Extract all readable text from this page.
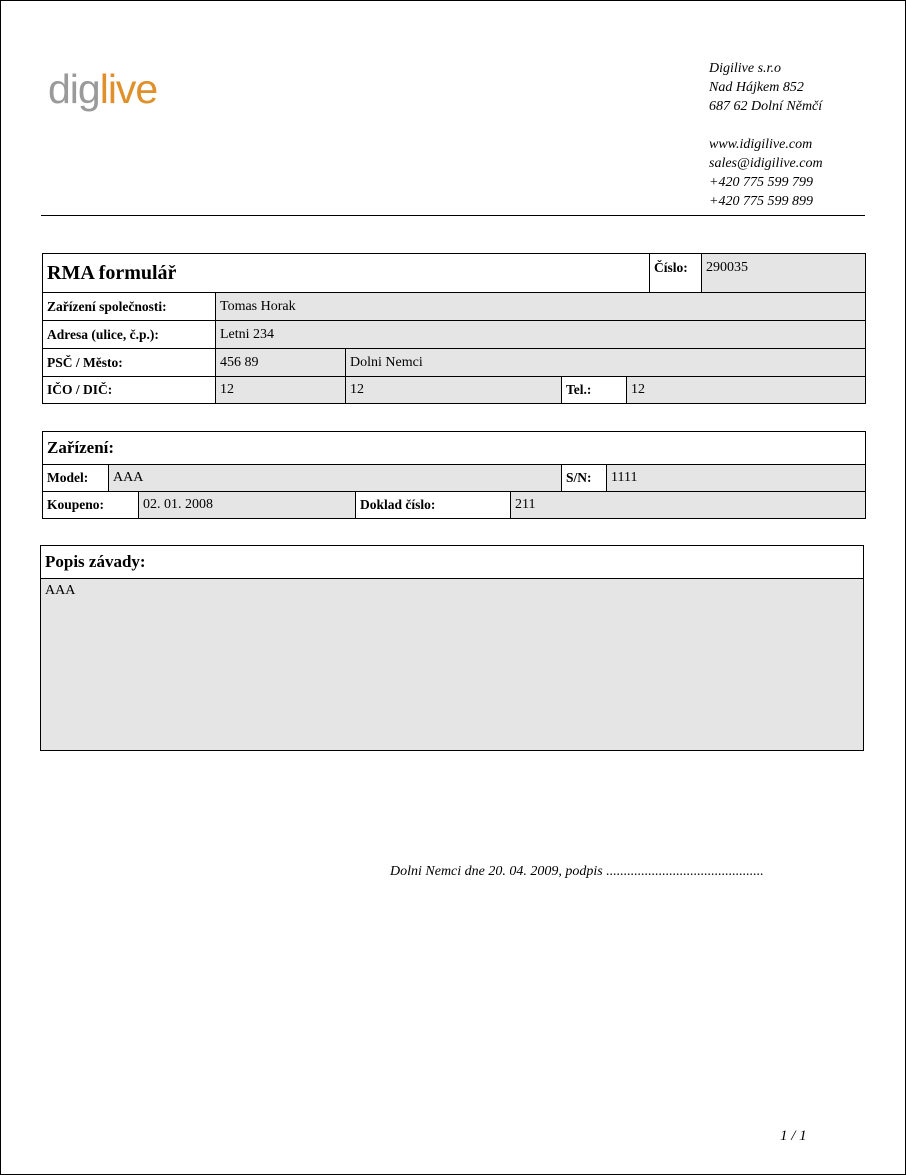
diglive	Digilive s.r.o
Nad Hájkem 852
687 62 Dolní Němčí
www.idigilive.com
sales@idigilive.com
+420 775 599 799
+420 775 599 899
RMA formulář	Číslo:	290035
Zařízení společnosti:	Tomas Horak
Adresa (ulice, č.p.):	Letni 234
PSČ / Město:	456 89	Dolni Nemci
IČO / DIČ:	12	12	Tel.:	12
Zařízení:
Model:	AAA	S/N:	1111
Koupeno:	02. 01. 2008	Doklad číslo:	211
Popis závady:
AAA
Dolni Nemci dne 20. 04. 2009, podpis .............................................
1 / 1
